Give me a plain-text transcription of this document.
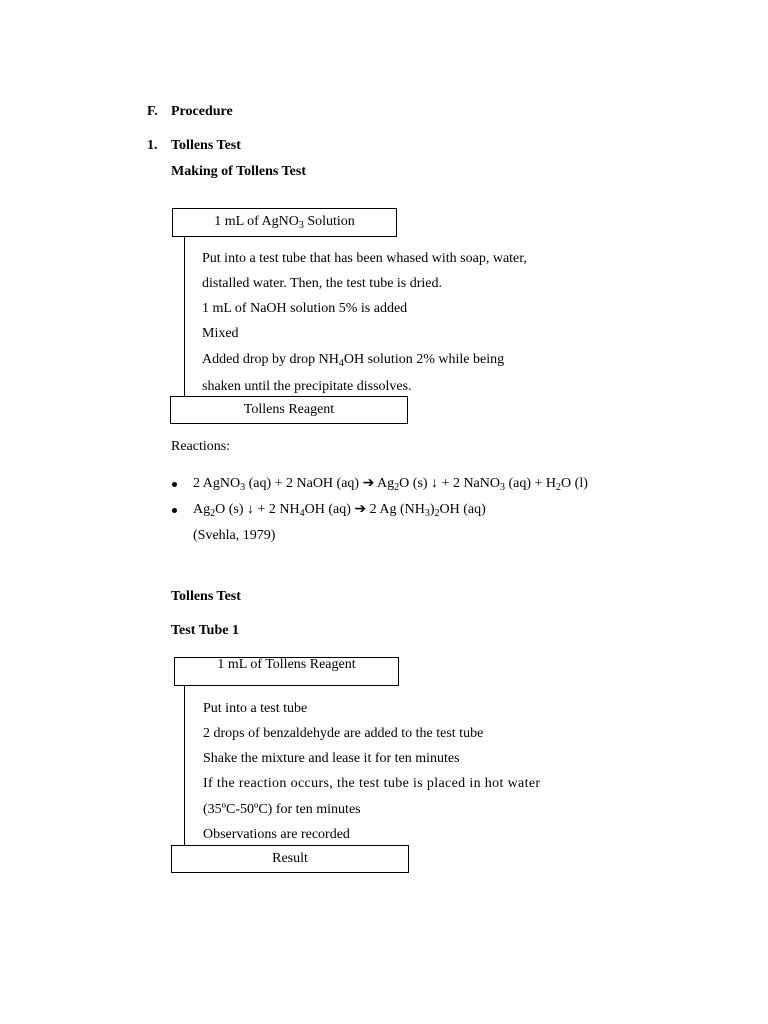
F. Procedure
1. Tollens Test
Making of Tollens Test
1 mL of AgNO$_3$ Solution
Put into a test tube that has been whased with soap, water,
distalled water. Then, the test tube is dried.
1 mL of NaOH solution 5% is added
Mixed
Added drop by drop $NH_4OH$ solution 2% while being
shaken until the precipitate dissolves.
Tollens Reagent
Reactions:
2 AgNO$_3$ (aq) + 2 NaOH (aq) ➔ $Ag_2O$ (s) ↓ + 2 NaNO$_3$ $(aq) + H_2O$ (l)
$Ag_2O$ (s) ↓ + 2 $NH_4OH$ (aq) ➔ 2 Ag $(NH_3)_2OH$ (aq)
(Svehla, 1979)
Tollens Test
Test Tube 1
1 mL of Tollens Reagent
Put into a test tube
2 drops of benzaldehyde are added to the test tube
Shake the mixture and lease it for ten minutes
If the reaction occurs, the test tube is placed in hot water
(35ºC-50ºC) for ten minutes
Observations are recorded
Result
